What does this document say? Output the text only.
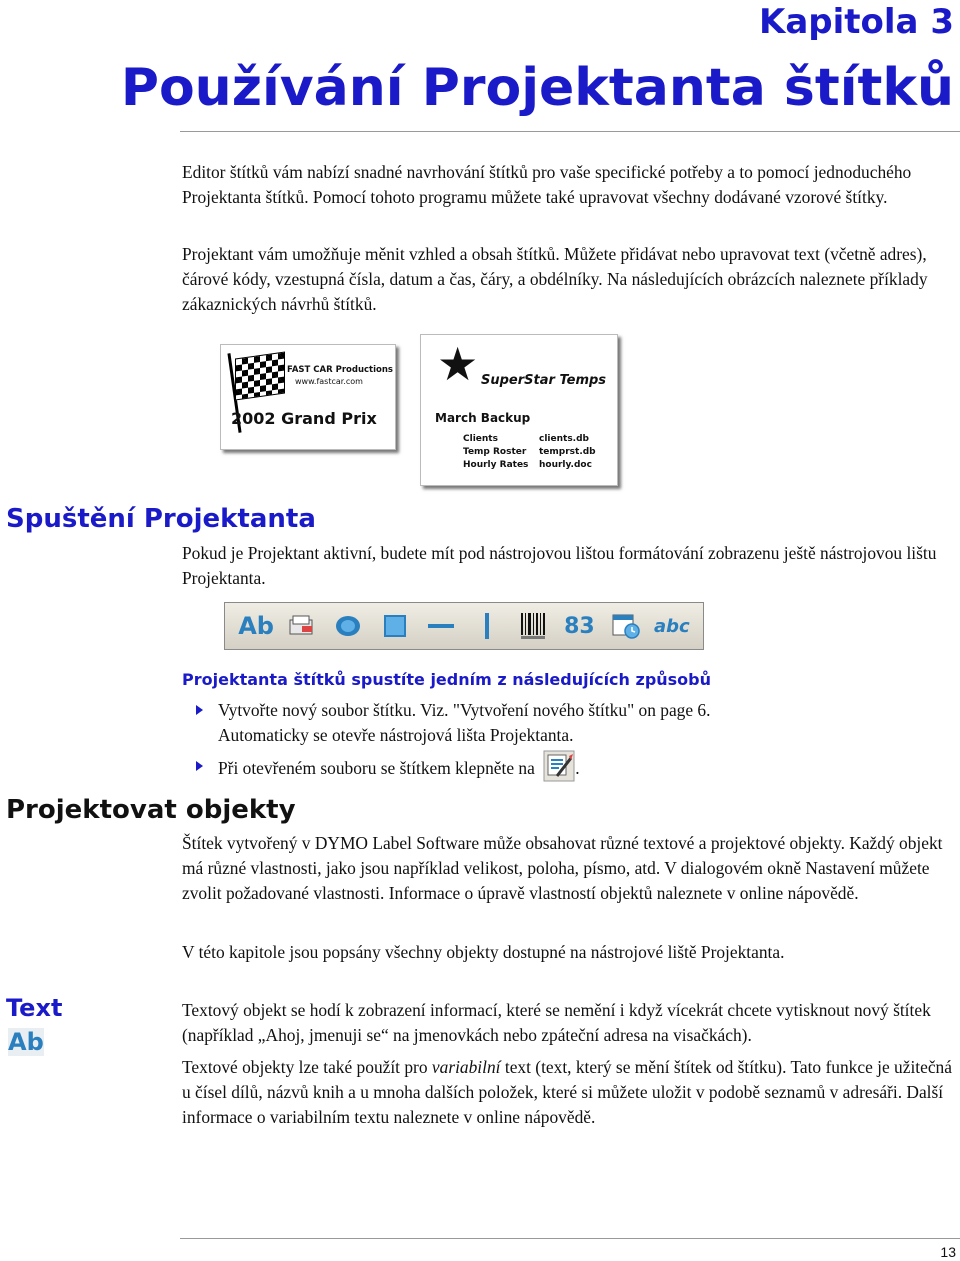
Kapitola 3
Používání Projektanta štítků

Editor štítků vám nabízí snadné navrhování štítků pro vaše specifické potřeby a to pomocí jednoduchého Projektanta štítků. Pomocí tohoto programu můžete také upravovat všechny dodávané vzorové štítky.

Projektant vám umožňuje měnit vzhled a obsah štítků. Můžete přidávat nebo upravovat text (včetně adres), čárové kódy, vzestupná čísla, datum a čas, čáry, a obdélníky. Na následujících obrázcích naleznete příklady zákaznických návrhů štítků.

FAST CAR Productions
www.fastcar.com
2002 Grand Prix
★ SuperStar Temps
March Backup
Clients
Temp Roster
Hourly Rates
clients.db
temprst.db
hourly.doc
Spuštění Projektanta

Pokud je Projektant aktivní, budete mít pod nástrojovou lištou formátování zobrazenu ještě nástrojovou lištu Projektanta.

Ab	83	abc
Projektanta štítků spustíte jedním z následujících způsobů
Vytvořte nový soubor štítku. Viz. "Vytvoření nového štítku" on page 6.
Automaticky se otevře nástrojová lišta Projektanta.
Při otevřeném souboru se štítkem klepněte na .
Projektovat objekty

Štítek vytvořený v DYMO Label Software může obsahovat různé textové a projektové objekty. Každý objekt má různé vlastnosti, jako jsou například velikost, poloha, písmo, atd. V dialogovém okně Nastavení můžete zvolit požadované vlastnosti. Informace o úpravě vlastností objektů naleznete v online nápovědě.

V této kapitole jsou popsány všechny objekty dostupné na nástrojové liště Projektanta.

Text
Ab

Textový objekt se hodí k zobrazení informací, které se nemění i když vícekrát chcete vytisknout nový štítek (například „Ahoj, jmenuji se“ na jmenovkách nebo zpáteční adresa na visačkách).

Textové objekty lze také použít pro variabilní text (text, který se mění štítek od štítku). Tato funkce je užitečná u čísel dílů, názvů knih a u mnoha dalších položek, které si můžete uložit v podobě seznamů v adresáři. Další informace o variabilním textu naleznete v online nápovědě.

13
